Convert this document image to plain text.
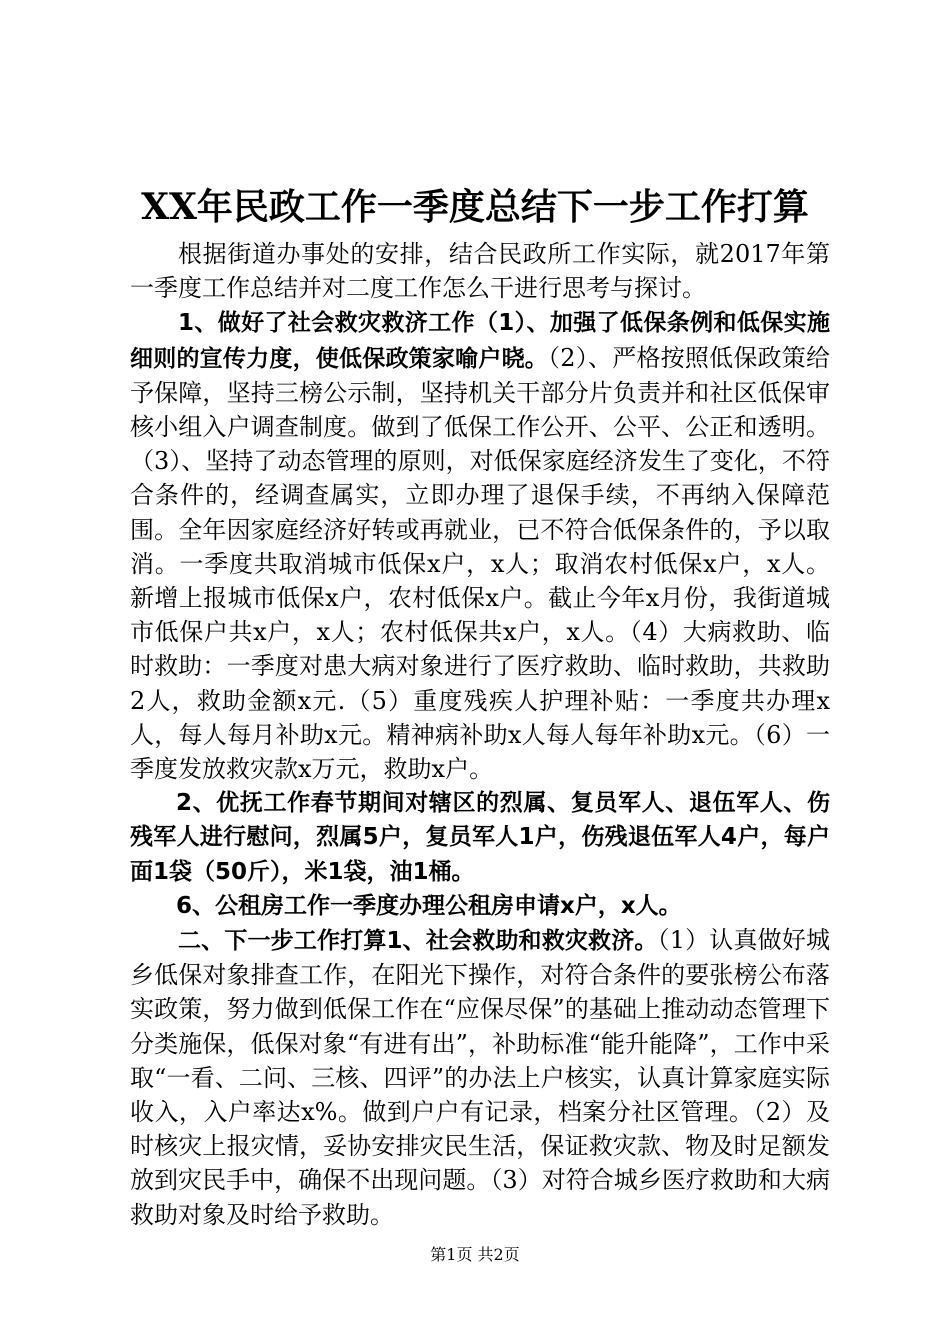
XX年民政工作一季度总结下一步工作打算

根据街道办事处的安排，结合民政所工作实际，就2017年第一季度工作总结并对二度工作怎么干进行思考与探讨。

1、做好了社会救灾救济工作（1）、加强了低保条例和低保实施细则的宣传力度，使低保政策家喻户晓。（2）、严格按照低保政策给予保障，坚持三榜公示制，坚持机关干部分片负责并和社区低保审核小组入户调查制度。做到了低保工作公开、公平、公正和透明。（3）、坚持了动态管理的原则，对低保家庭经济发生了变化，不符合条件的，经调查属实，立即办理了退保手续，不再纳入保障范围。全年因家庭经济好转或再就业，已不符合低保条件的，予以取消。一季度共取消城市低保x户，x人；取消农村低保x户，x人。新增上报城市低保x户，农村低保x户。截止今年x月份，我街道城市低保户共x户，x人；农村低保共x户，x人。（4）大病救助、临时救助：一季度对患大病对象进行了医疗救助、临时救助，共救助2人，救助金额x元.（5）重度残疾人护理补贴：一季度共办理x人，每人每月补助x元。精神病补助x人每人每年补助x元。（6）一季度发放救灾款x万元，救助x户。

2、优抚工作春节期间对辖区的烈属、复员军人、退伍军人、伤残军人进行慰问，烈属5户，复员军人1户，伤残退伍军人4户，每户面1袋（50斤），米1袋，油1桶。

6、公租房工作一季度办理公租房申请x户，x人。

二、下一步工作打算1、社会救助和救灾救济。（1）认真做好城乡低保对象排查工作，在阳光下操作，对符合条件的要张榜公布落实政策，努力做到低保工作在“应保尽保”的基础上推动动态管理下分类施保，低保对象“有进有出”，补助标准“能升能降”，工作中采取“一看、二问、三核、四评”的办法上户核实，认真计算家庭实际收入，入户率达x%。做到户户有记录，档案分社区管理。（2）及时核灾上报灾情，妥协安排灾民生活，保证救灾款、物及时足额发放到灾民手中，确保不出现问题。（3）对符合城乡医疗救助和大病救助对象及时给予救助。

第1页 共2页
